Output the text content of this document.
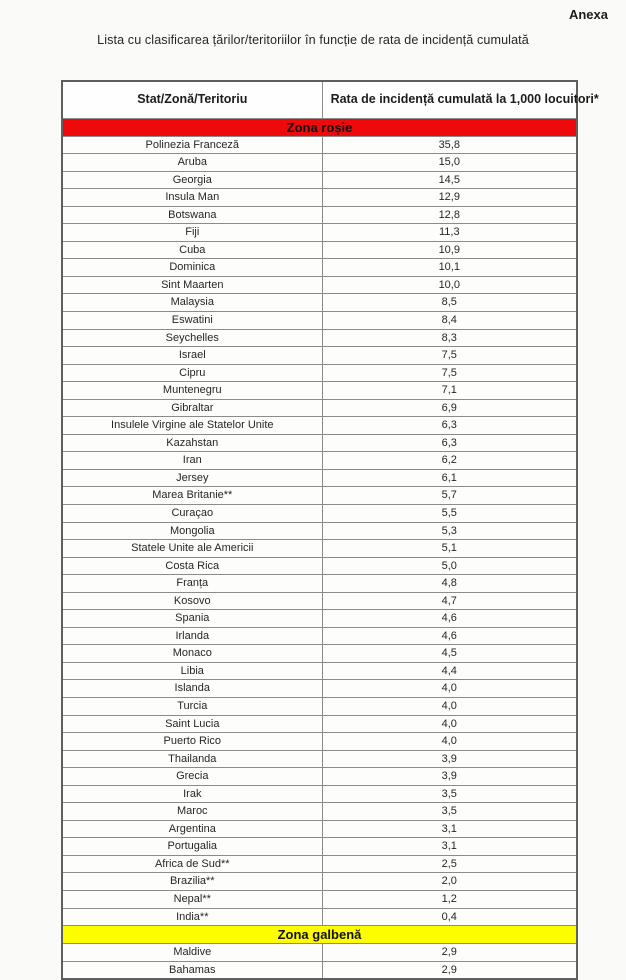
Anexa
Lista cu clasificarea țărilor/teritoriilor în funcție de rata de incidență cumulată
Stat/Zonă/Teritoriu	Rata de incidență cumulată la 1,000 locuitori*
Zona roșie	
Polinezia Franceză	35,8
Aruba	15,0
Georgia	14,5
Insula Man	12,9
Botswana	12,8
Fiji	11,3
Cuba	10,9
Dominica	10,1
Sint Maarten	10,0
Malaysia	8,5
Eswatini	8,4
Seychelles	8,3
Israel	7,5
Cipru	7,5
Muntenegru	7,1
Gibraltar	6,9
Insulele Virgine ale Statelor Unite	6,3
Kazahstan	6,3
Iran	6,2
Jersey	6,1
Marea Britanie**	5,7
Curaçao	5,5
Mongolia	5,3
Statele Unite ale Americii	5,1
Costa Rica	5,0
Franța	4,8
Kosovo	4,7
Spania	4,6
Irlanda	4,6
Monaco	4,5
Libia	4,4
Islanda	4,0
Turcia	4,0
Saint Lucia	4,0
Puerto Rico	4,0
Thailanda	3,9
Grecia	3,9
Irak	3,5
Maroc	3,5
Argentina	3,1
Portugalia	3,1
Africa de Sud**	2,5
Brazilia**	2,0
Nepal**	1,2
India**	0,4
Zona galbenă	
Maldive	2,9
Bahamas	2,9
